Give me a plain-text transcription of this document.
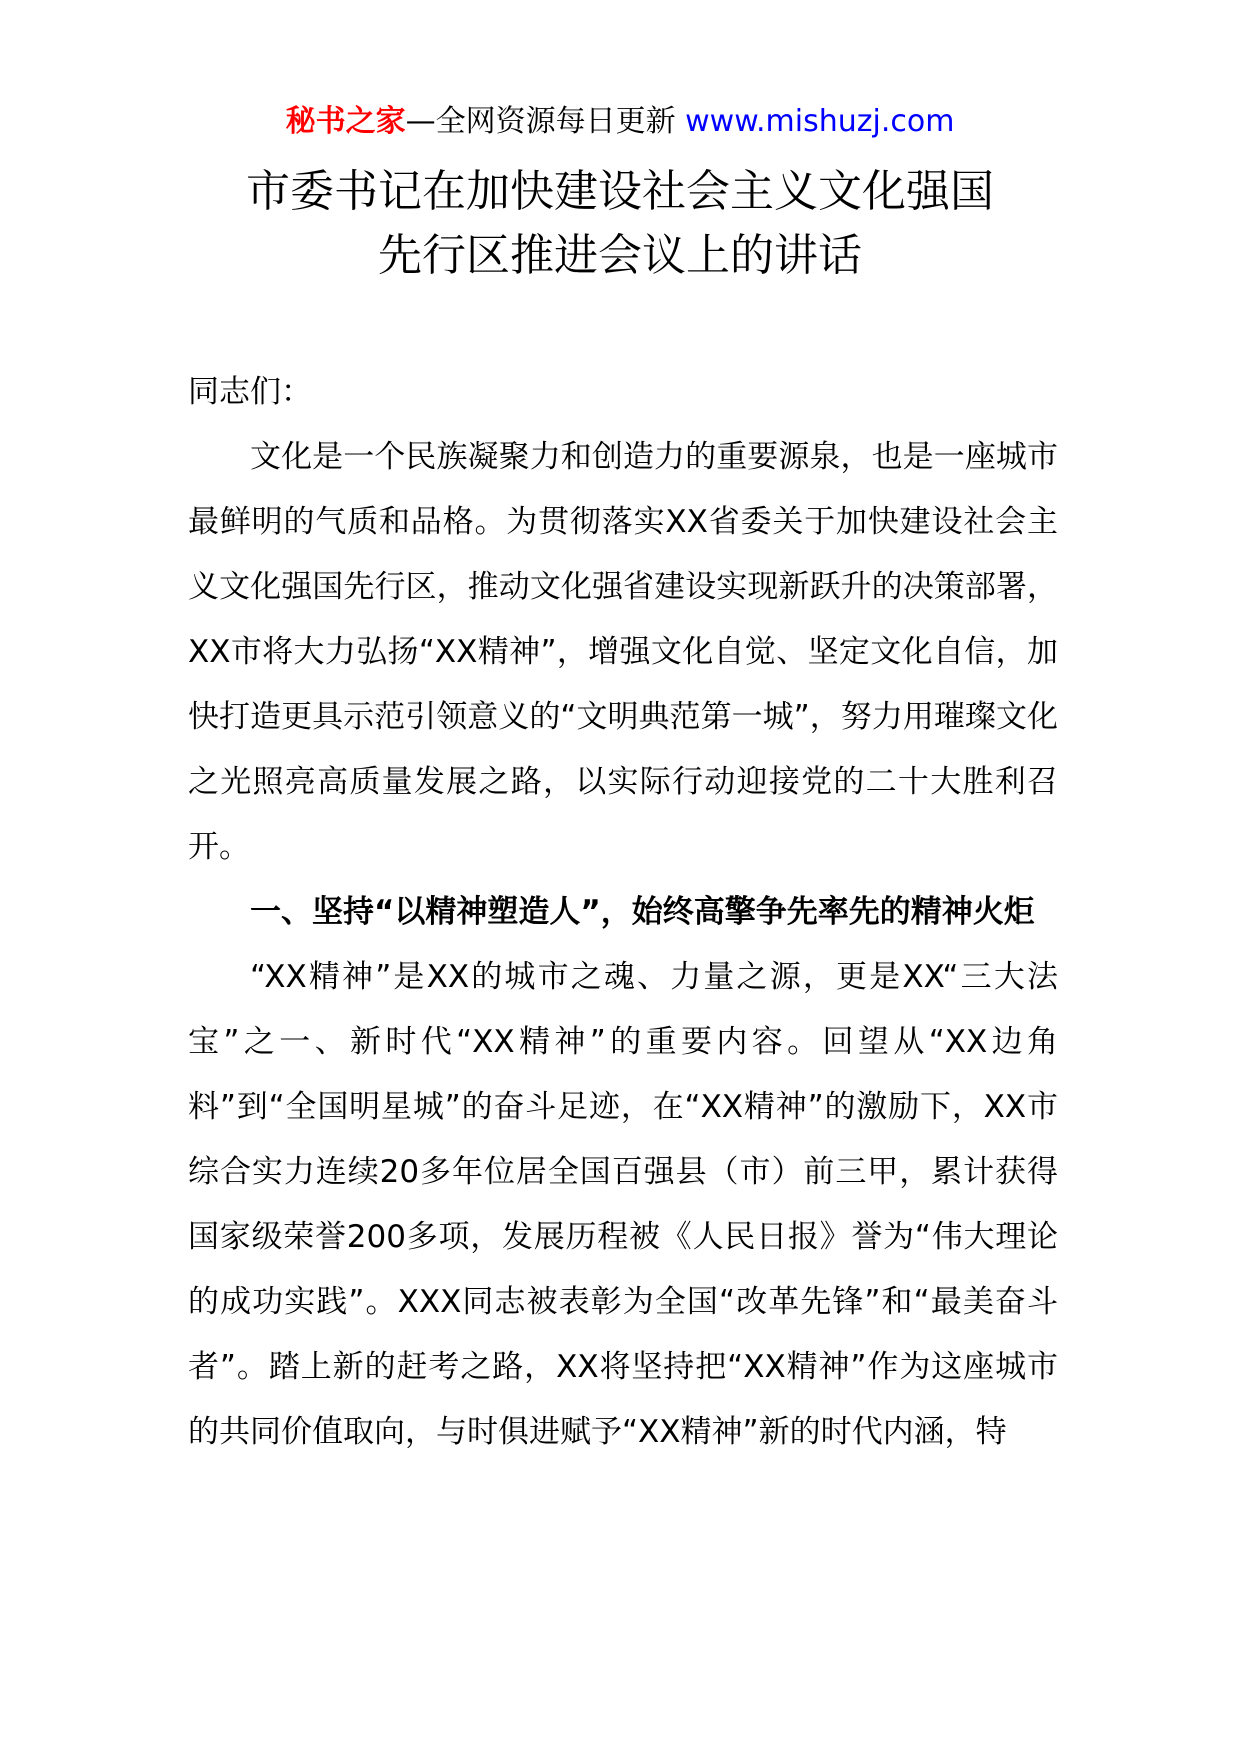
秘书之家—全网资源每日更新 www.mishuzj.com
市委书记在加快建设社会主义文化强国
先行区推进会议上的讲话

同志们：

文化是一个民族凝聚力和创造力的重要源泉，也是一座城市最鲜明的气质和品格。为贯彻落实XX省委关于加快建设社会主义文化强国先行区，推动文化强省建设实现新跃升的决策部署，XX市将大力弘扬“XX精神”，增强文化自觉、坚定文化自信，加快打造更具示范引领意义的“文明典范第一城”，努力用璀璨文化之光照亮高质量发展之路，以实际行动迎接党的二十大胜利召开。

一、坚持“以精神塑造人”，始终高擎争先率先的精神火炬

“XX精神”是XX的城市之魂、力量之源，更是XX“三大法宝”之一、新时代“XX精神”的重要内容。回望从“XX边角料”到“全国明星城”的奋斗足迹，在“XX精神”的激励下，XX市综合实力连续20多年位居全国百强县（市）前三甲，累计获得国家级荣誉200多项，发展历程被《人民日报》誉为“伟大理论的成功实践”。XXX同志被表彰为全国“改革先锋”和“最美奋斗者”。踏上新的赶考之路，XX将坚持把“XX精神”作为这座城市的共同价值取向，与时俱进赋予“XX精神”新的时代内涵，特
